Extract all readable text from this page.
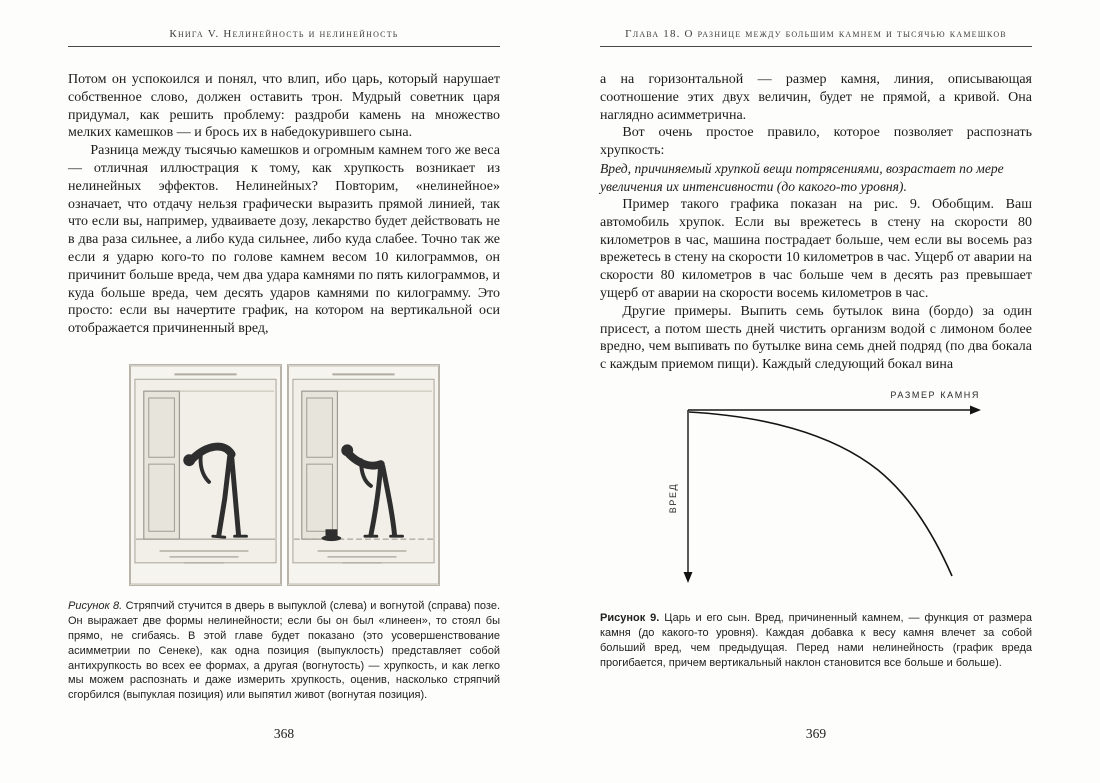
Книга V. Нелинейность и нелинейность

Потом он успокоился и понял, что влип, ибо царь, который нарушает собственное слово, должен оставить трон. Мудрый советник царя придумал, как решить проблему: раздроби камень на множество мелких камешков — и брось их в набедокурившего сына.

Разница между тысячью камешков и огромным камнем того же веса — отличная иллюстрация к тому, как хрупкость возникает из нелинейных эффектов. Нелинейных? Повторим, «нелинейное» означает, что отдачу нельзя графически выразить прямой линией, так что если вы, например, удваиваете дозу, лекарство будет действовать не в два раза сильнее, а либо куда сильнее, либо куда слабее. Точно так же если я ударю кого-то по голове камнем весом 10 килограммов, он причинит больше вреда, чем два удара камнями по пять килограммов, и куда больше вреда, чем десять ударов камнями по килограмму. Это просто: если вы начертите график, на котором на вертикальной оси отображается причиненный вред,

Рисунок 8. Стряпчий стучится в дверь в выпуклой (слева) и вогнутой (справа) позе. Он выражает две формы нелинейности; если бы он был «линеен», то стоял бы прямо, не сгибаясь. В этой главе будет показано (это усовершенствование асимметрии по Сенеке), как одна позиция (выпуклость) представляет собой антихрупкость во всех ее формах, а другая (вогнутость) — хрупкость, и как легко мы можем распознать и даже измерить хрупкость, оценив, насколько стряпчий сгорбился (выпуклая позиция) или выпятил живот (вогнутая позиция).

Глава 18. О разнице между большим камнем и тысячью камешков

а на горизонтальной — размер камня, линия, описывающая соотношение этих двух величин, будет не прямой, а кривой. Она наглядно асимметрична.

Вот очень простое правило, которое позволяет распознать хрупкость:

Вред, причиняемый хрупкой вещи потрясениями, возрастает по мере увеличения их интенсивности (до какого-то уровня).

Пример такого графика показан на рис. 9. Обобщим. Ваш автомобиль хрупок. Если вы врежетесь в стену на скорости 80 километров в час, машина пострадает больше, чем если вы восемь раз врежетесь в стену на скорости 10 километров в час. Ущерб от аварии на скорости 80 километров в час больше чем в десять раз превышает ущерб от аварии на скорости восемь километров в час.

Другие примеры. Выпить семь бутылок вина (бордо) за один присест, а потом шесть дней чистить организм водой с лимоном более вредно, чем выпивать по бутылке вина семь дней подряд (по два бокала с каждым приемом пищи). Каждый следующий бокал вина

РАЗМЕР КАМНЯ
ВРЕД

Рисунок 9. Царь и его сын. Вред, причиненный камнем, — функция от размера камня (до какого-то уровня). Каждая добавка к весу камня влечет за собой больший вред, чем предыдущая. Перед нами нелинейность (график вреда прогибается, причем вертикальный наклон становится все больше и больше).

368	369
